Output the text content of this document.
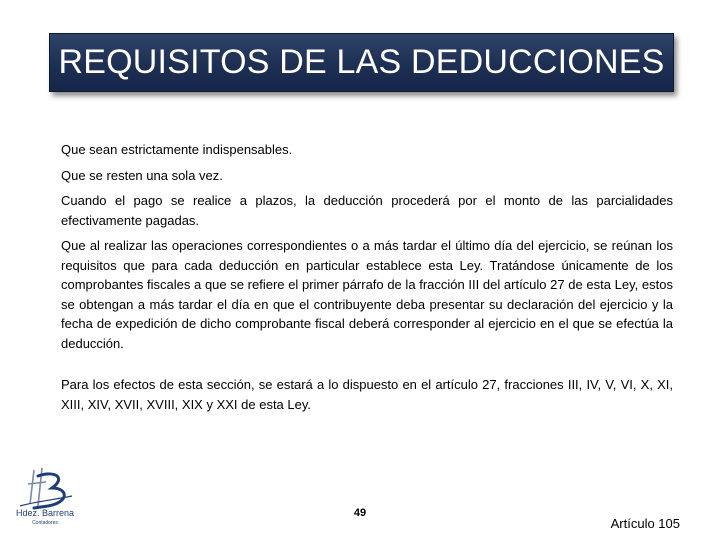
REQUISITOS DE LAS DEDUCCIONES

Que sean estrictamente indispensables.

Que se resten una sola vez.

Cuando el pago se realice a plazos, la deducción procederá por el monto de las parcialidades efectivamente pagadas.

Que al realizar las operaciones correspondientes o a más tardar el último día del ejercicio, se reúnan los requisitos que para cada deducción en particular establece esta Ley. Tratándose únicamente de los comprobantes fiscales a que se refiere el primer párrafo de la fracción III del artículo 27 de esta Ley, estos se obtengan a más tardar el día en que el contribuyente deba presentar su declaración del ejercicio y la fecha de expedición de dicho comprobante fiscal deberá corresponder al ejercicio en el que se efectúa la deducción.

Para los efectos de esta sección, se estará a lo dispuesto en el artículo 27, fracciones III, IV, V, VI, X, XI, XIII, XIV, XVII, XVIII, XIX y XXI de esta Ley.

Hdez. Barrena
Contadores
49
Artículo 105
